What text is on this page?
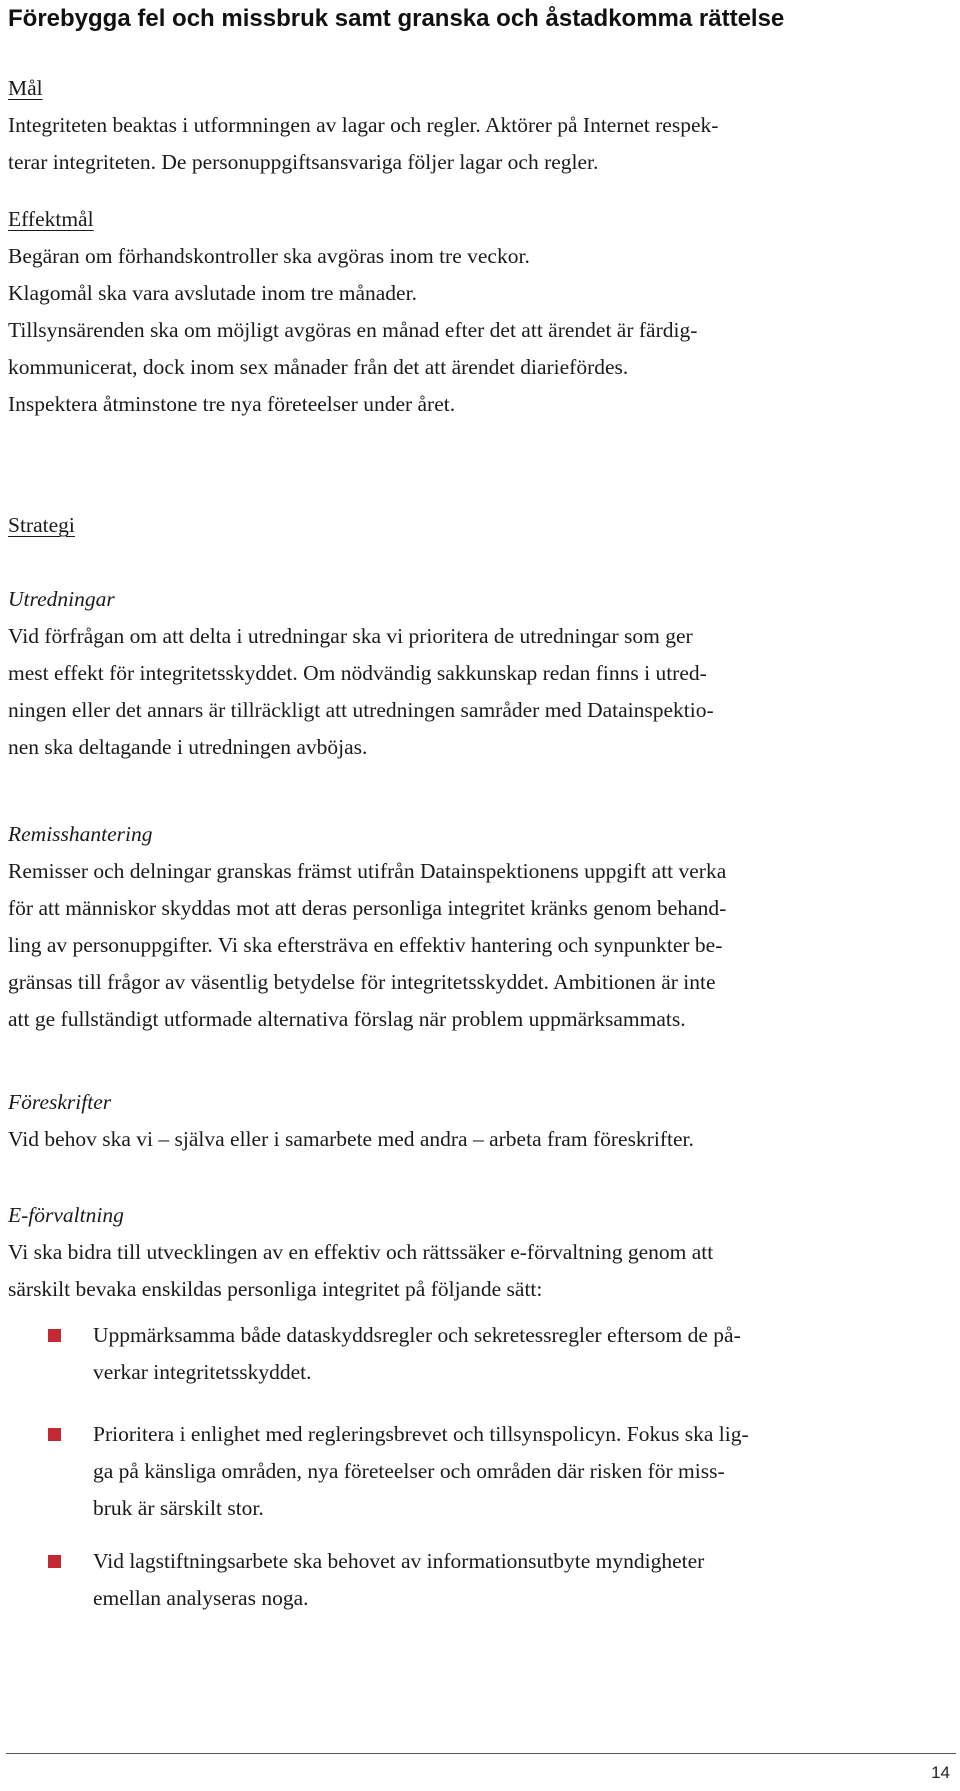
Förebygga fel och missbruk samt granska och åstadkomma rättelse
Mål
Integriteten beaktas i utformningen av lagar och regler. Aktörer på Internet respek-
terar integriteten. De personuppgiftsansvariga följer lagar och regler.
Effektmål
Begäran om förhandskontroller ska avgöras inom tre veckor.
Klagomål ska vara avslutade inom tre månader.
Tillsynsärenden ska om möjligt avgöras en månad efter det att ärendet är färdig-
kommunicerat, dock inom sex månader från det att ärendet diariefördes.
Inspektera åtminstone tre nya företeelser under året.
Strategi
Utredningar
Vid förfrågan om att delta i utredningar ska vi prioritera de utredningar som ger
mest effekt för integritetsskyddet. Om nödvändig sakkunskap redan finns i utred-
ningen eller det annars är tillräckligt att utredningen samråder med Datainspektio-
nen ska deltagande i utredningen avböjas.
Remisshantering
Remisser och delningar granskas främst utifrån Datainspektionens uppgift att verka
för att människor skyddas mot att deras personliga integritet kränks genom behand-
ling av personuppgifter. Vi ska eftersträva en effektiv hantering och synpunkter be-
gränsas till frågor av väsentlig betydelse för integritetsskyddet. Ambitionen är inte
att ge fullständigt utformade alternativa förslag när problem uppmärksammats.
Föreskrifter
Vid behov ska vi – själva eller i samarbete med andra – arbeta fram föreskrifter.
E-förvaltning
Vi ska bidra till utvecklingen av en effektiv och rättssäker e-förvaltning genom att
särskilt bevaka enskildas personliga integritet på följande sätt:
Uppmärksamma både dataskyddsregler och sekretessregler eftersom de på-
verkar integritetsskyddet.
Prioritera i enlighet med regleringsbrevet och tillsynspolicyn. Fokus ska lig-
ga på känsliga områden, nya företeelser och områden där risken för miss-
bruk är särskilt stor.
Vid lagstiftningsarbete ska behovet av informationsutbyte myndigheter
emellan analyseras noga.
14
